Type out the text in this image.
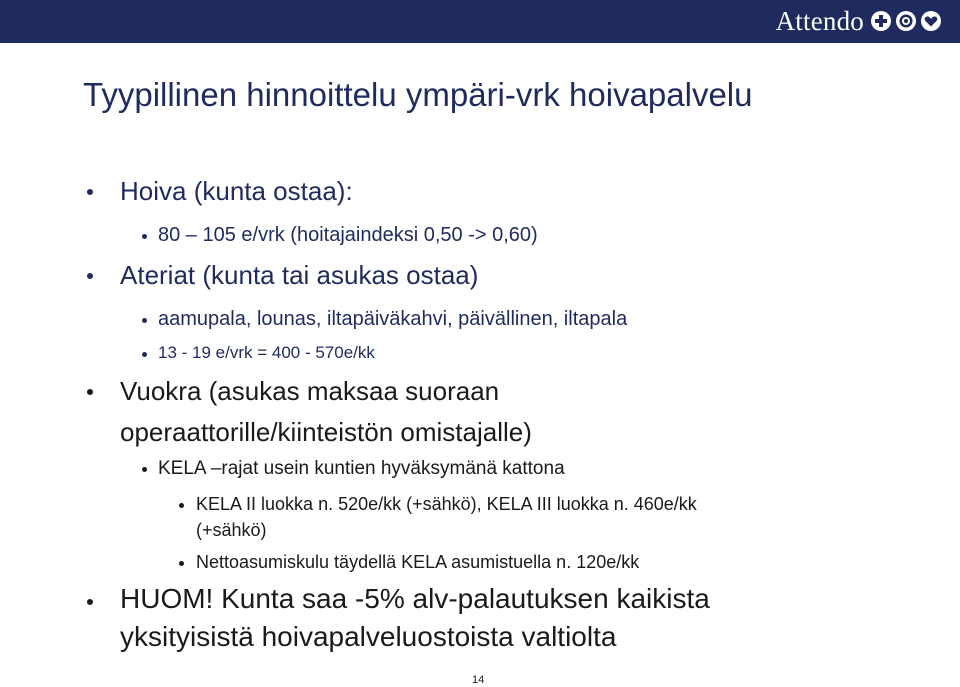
Attendo
Tyypillinen hinnoittelu ympäri-vrk hoivapalvelu
Hoiva (kunta ostaa):
80 – 105 e/vrk (hoitajaindeksi 0,50 -> 0,60)
Ateriat (kunta tai asukas ostaa)
aamupala, lounas, iltapäiväkahvi, päivällinen, iltapala
13 - 19 e/vrk = 400 - 570e/kk
Vuokra (asukas maksaa suoraan
operaattorille/kiinteistön omistajalle)
KELA –rajat usein kuntien hyväksymänä kattona
KELA II luokka n. 520e/kk (+sähkö), KELA III luokka n. 460e/kk
(+sähkö)
Nettoasumiskulu täydellä KELA asumistuella n. 120e/kk
HUOM! Kunta saa -5% alv-palautuksen kaikista
yksityisistä hoivapalveluostoista valtiolta
14
